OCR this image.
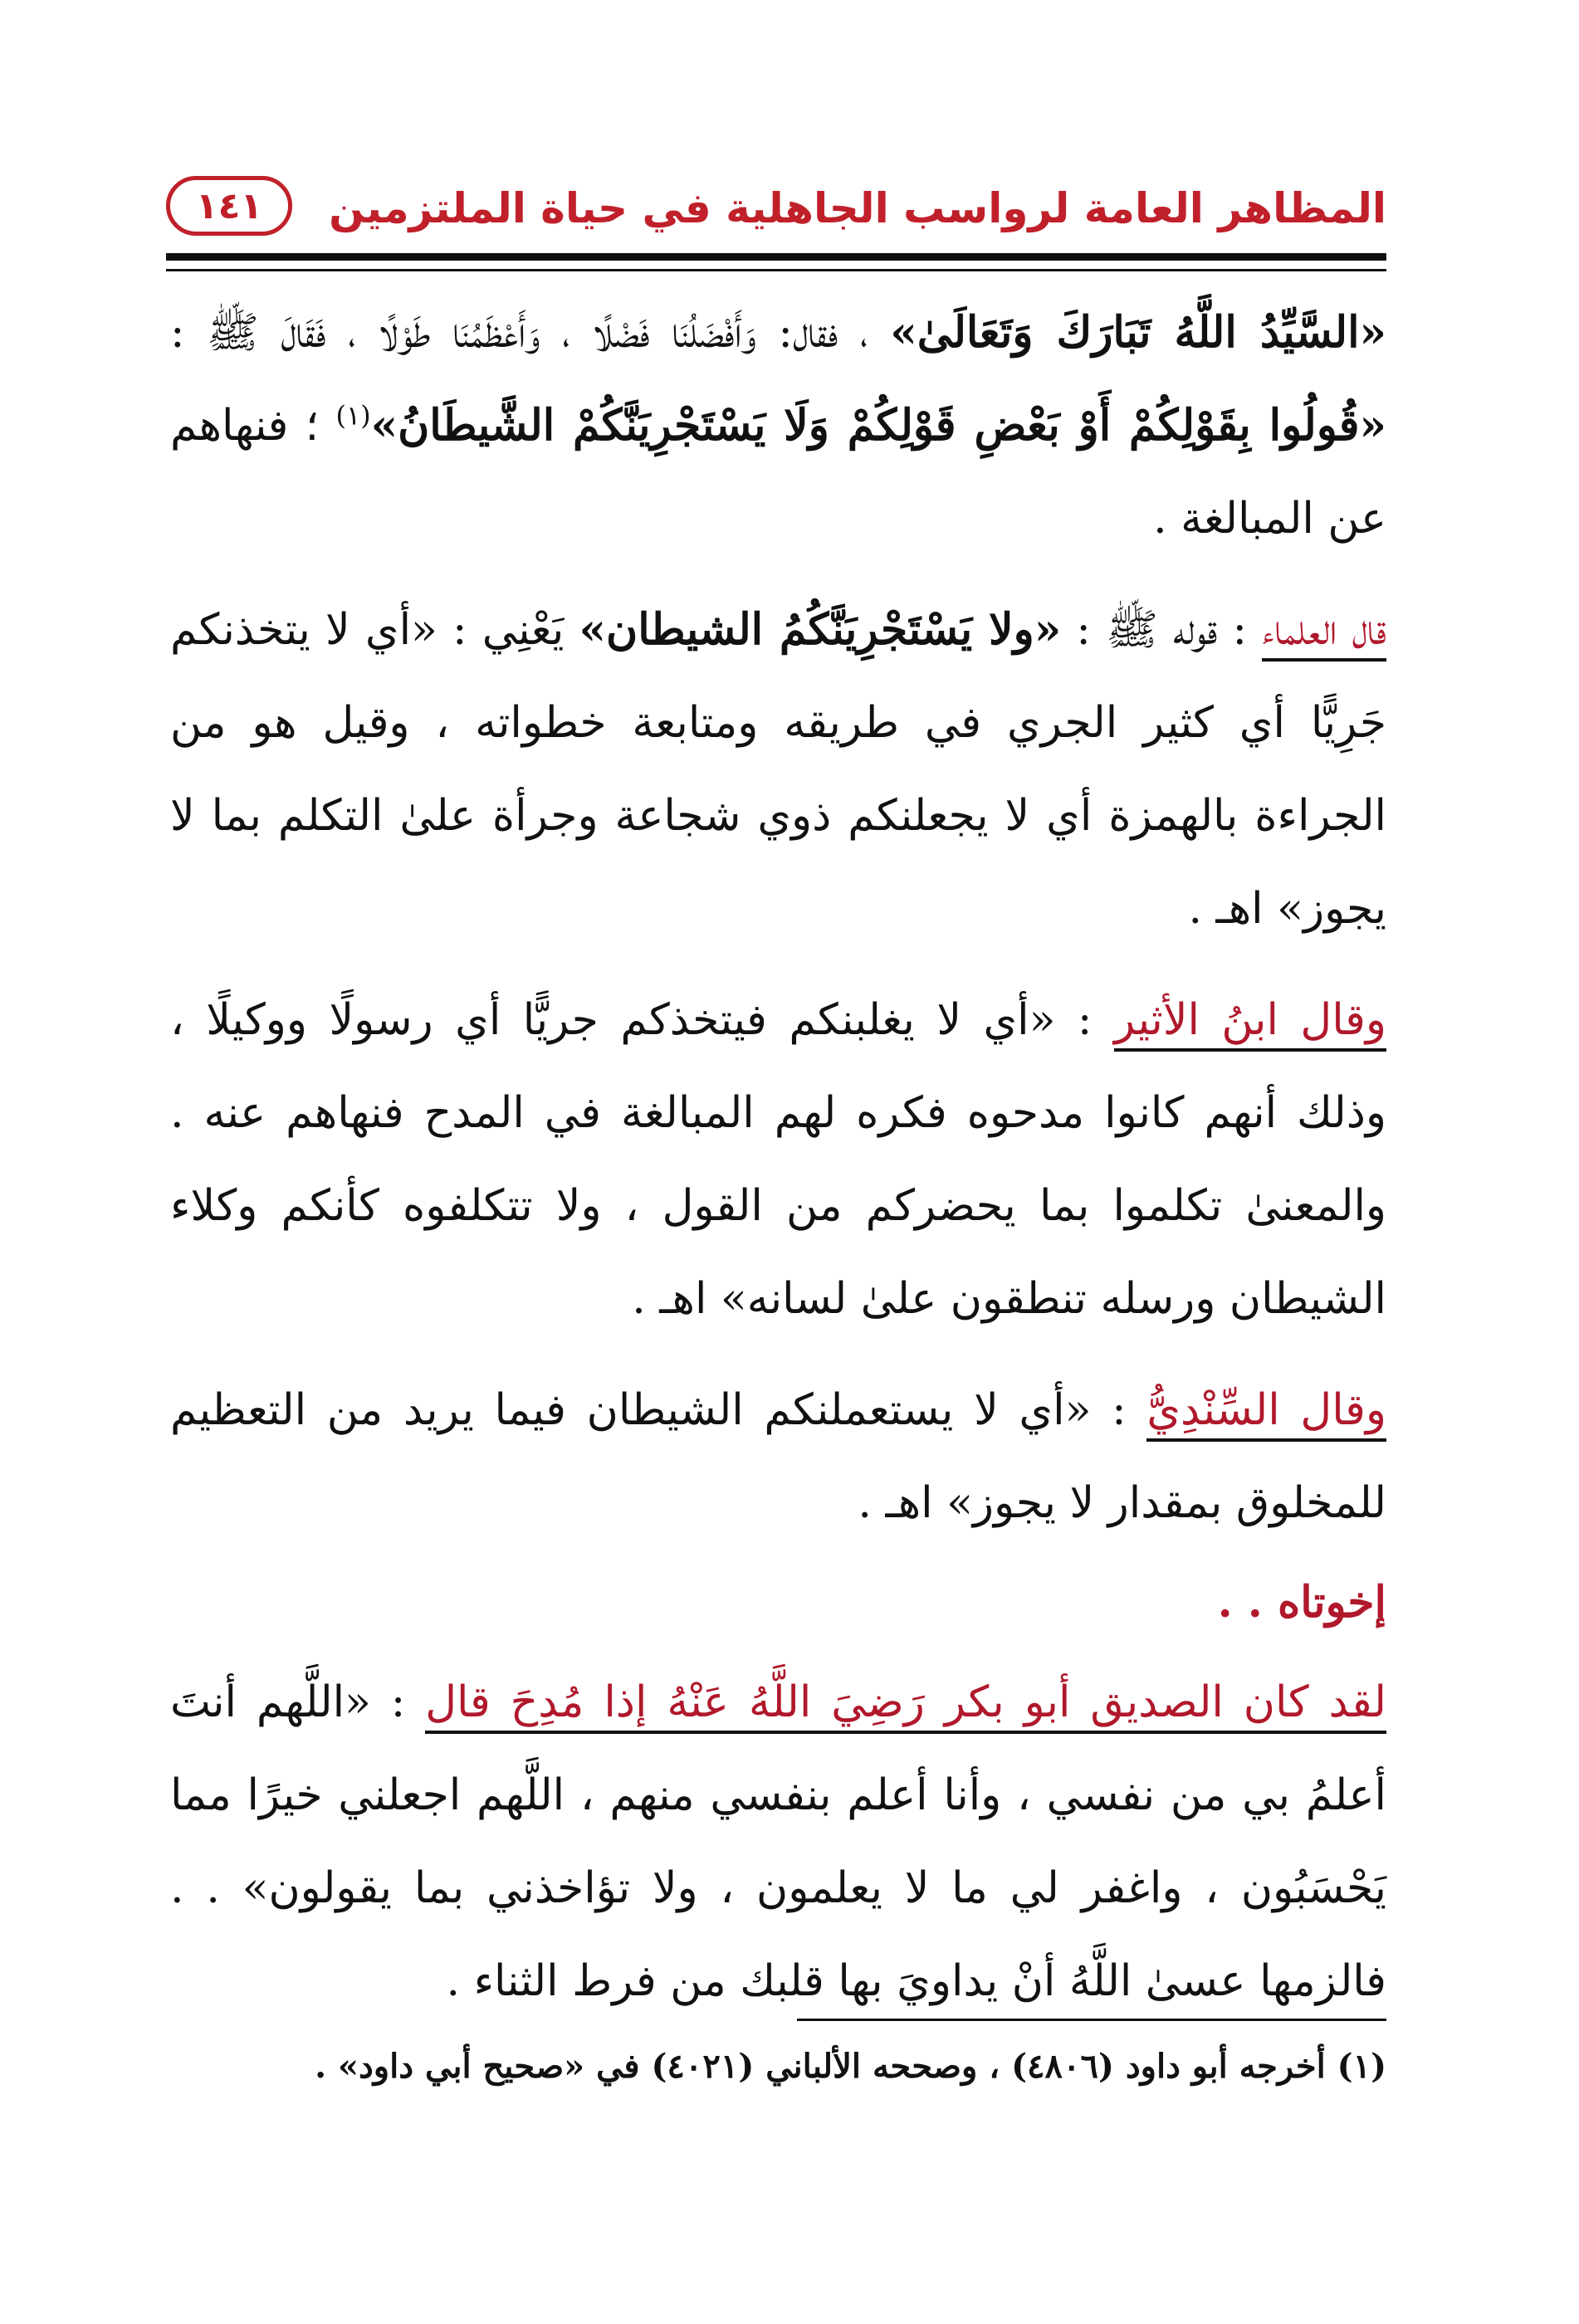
المظاهر العامة لرواسب الجاهلية في حياة الملتزمين
١٤١

«السَّيِّدُ اللَّهُ تَبَارَكَ وَتَعَالَىٰ» ، فقال: وَأَفْضَلُنَا فَضْلًا ، وَأَعْظَمُنَا طَوْلًا ، فَقَالَ ﷺ : «قُولُوا بِقَوْلِكُمْ أَوْ بَعْضِ قَوْلِكُمْ وَلَا يَسْتَجْرِيَنَّكُمْ الشَّيطَانُ»$^{(١)}$ ؛ فنهاهم عن المبالغة .

قال العلماء : قوله ﷺ : «ولا يَسْتَجْرِيَنَّكُمُ الشيطان» يَعْنِي : «أي لا يتخذنكم جَرِيًّا أي كثير الجري في طريقه ومتابعة خطواته ، وقيل هو من الجراءة بالهمزة أي لا يجعلنكم ذوي شجاعة وجرأة علىٰ التكلم بما لا يجوز» اهـ .

وقال ابنُ الأثير : «أي لا يغلبنكم فيتخذكم جريًّا أي رسولًا ووكيلًا ، وذلك أنهم كانوا مدحوه فكره لهم المبالغة في المدح فنهاهم عنه . والمعنىٰ تكلموا بما يحضركم من القول ، ولا تتكلفوه كأنكم وكلاء الشيطان ورسله تنطقون علىٰ لسانه» اهـ .

وقال السِّنْدِيُّ : «أي لا يستعملنكم الشيطان فيما يريد من التعظيم للمخلوق بمقدار لا يجوز» اهـ .

إخوتاه . .

لقد كان الصديق أبو بكر رَضِيَ اللَّهُ عَنْهُ إذا مُدِحَ قال : «اللَّهم أنتَ أعلمُ بي من نفسي ، وأنا أعلم بنفسي منهم ، اللَّهم اجعلني خيرًا مما يَحْسَبُون ، واغفر لي ما لا يعلمون ، ولا تؤاخذني بما يقولون» . . فالزمها عسىٰ اللَّهُ أنْ يداويَ بها قلبك من فرط الثناء .

(١) أخرجه أبو داود (٤٨٠٦) ، وصححه الألباني (٤٠٢١) في «صحيح أبي داود» .
